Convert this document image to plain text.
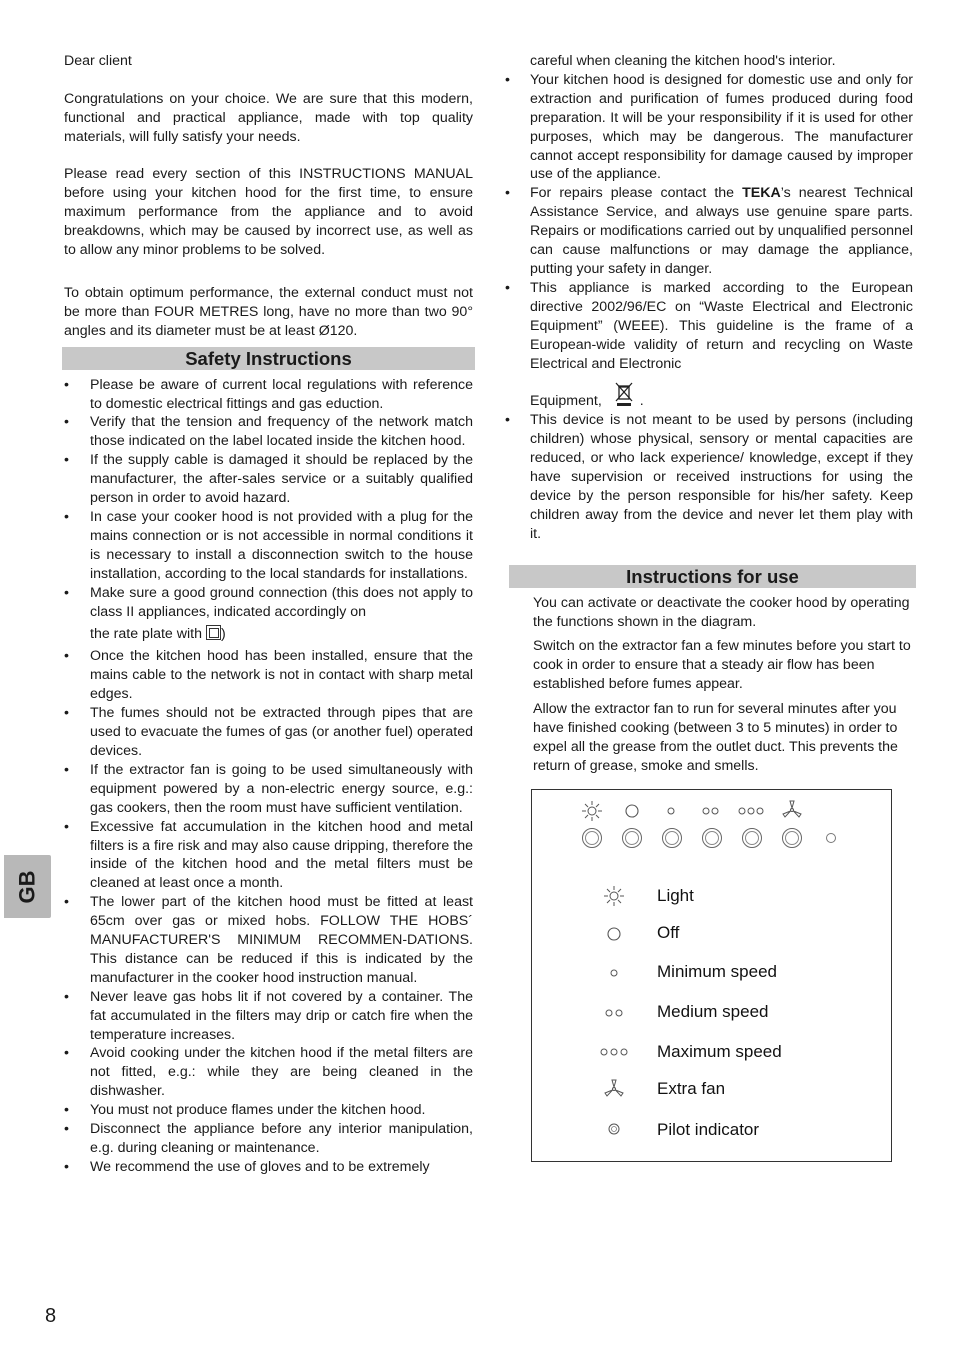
Dear client

Congratulations on your choice. We are sure that this modern, functional and practical appliance, made with top quality materials, will fully satisfy your needs.

Please read every section of this INSTRUCTIONS MANUAL before using your kitchen hood for the first time, to ensure maximum performance from the appliance and to avoid breakdowns, which may be caused by incorrect use, as well as to allow any minor problems to be solved.

To obtain optimum performance, the external conduct must not be more than FOUR METRES long, have no more than two 90° angles and its diameter must be at least Ø120.

Safety Instructions
• Please be aware of current local regulations with reference to domestic electrical fittings and gas eduction.
• Verify that the tension and frequency of the network match those indicated on the label located inside the kitchen hood.
• If the supply cable is damaged it should be replaced by the manufacturer, the after-sales service or a suitably qualified person in order to avoid hazard.
• In case your cooker hood is not provided with a plug for the mains connection or is not accessible in normal conditions it is necessary to install a disconnection switch to the house installation, according to the local standards for installations.
• Make sure a good ground connection (this does not apply to class II appliances, indicated accordingly on
the rate plate with )
• Once the kitchen hood has been installed, ensure that the mains cable to the network is not in contact with sharp metal edges.
• The fumes should not be extracted through pipes that are used to evacuate the fumes of gas (or another fuel) operated devices.
• If the extractor fan is going to be used simultaneously with equipment powered by a non-electric energy source, e.g.: gas cookers, then the room must have sufficient ventilation.
• Excessive fat accumulation in the kitchen hood and metal filters is a fire risk and may also cause dripping, therefore the inside of the kitchen hood and the metal filters must be cleaned at least once a month.
• The lower part of the kitchen hood must be fitted at least 65cm over gas or mixed hobs. FOLLOW THE HOBS´ MANUFACTURER'S MINIMUM RECOMMEN-DATIONS. This distance can be reduced if this is indicated by the manufacturer in the cooker hood instruction manual.
• Never leave gas hobs lit if not covered by a container. The fat accumulated in the filters may drip or catch fire when the temperature increases.
• Avoid cooking under the kitchen hood if the metal filters are not fitted, e.g.: while they are being cleaned in the dishwasher.
• You must not produce flames under the kitchen hood.
• Disconnect the appliance before any interior manipulation, e.g. during cleaning or maintenance.
• We recommend the use of gloves and to be extremely

careful when cleaning the kitchen hood's interior.

• Your kitchen hood is designed for domestic use and only for extraction and purification of fumes produced during food preparation. It will be your responsibility if it is used for other purposes, which may be dangerous. The manufacturer cannot accept responsibility for damage caused by improper use of the appliance.
• For repairs please contact the TEKA’s nearest Technical Assistance Service, and always use genuine spare parts. Repairs or modifications carried out by unqualified personnel can cause malfunctions or may damage the appliance, putting your safety in danger.
• This appliance is marked according to the European directive 2002/96/EC on “Waste Electrical and Electronic Equipment” (WEEE). This guideline is the frame of a European-wide validity of return and recycling on Waste Electrical and Electronic
Equipment,	.
• This device is not meant to be used by persons (including children) whose physical, sensory or mental capacities are reduced, or who lack experience/ knowledge, except if they have supervision or received instructions for using the device by the person responsible for his/her safety. Keep children away from the device and never let them play with it.
Instructions for use

You can activate or deactivate the cooker hood by operating the functions shown in the diagram.

Switch on the extractor fan a few minutes before you start to cook in order to ensure that a steady air flow has been established before fumes appear.

Allow the extractor fan to run for several minutes after you have finished cooking (between 3 to 5 minutes) in order to expel all the grease from the outlet duct. This prevents the return of grease, smoke and smells.

Light
Off
Minimum speed
Medium speed
Maximum speed
Extra fan
Pilot indicator
GB
8
